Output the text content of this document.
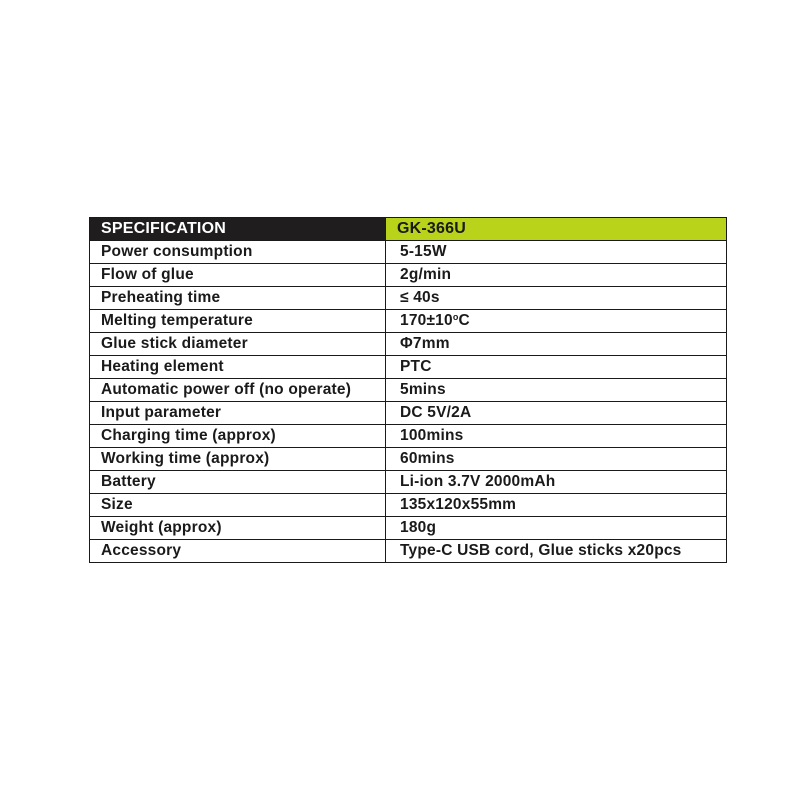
SPECIFICATION	GK-366U
Power consumption	5-15W
Flow of glue	2g/min
Preheating time	≤ 40s
Melting temperature	$170\pm 10^oC$
Glue stick diameter	Φ7mm
Heating element	PTC
Automatic power off (no operate)	5mins
Input parameter	DC 5V/2A
Charging time (approx)	100mins
Working time (approx)	60mins
Battery	Li-ion 3.7V 2000mAh
Size	135x120x55mm
Weight (approx)	180g
Accessory	Type-C USB cord, Glue sticks x20pcs
